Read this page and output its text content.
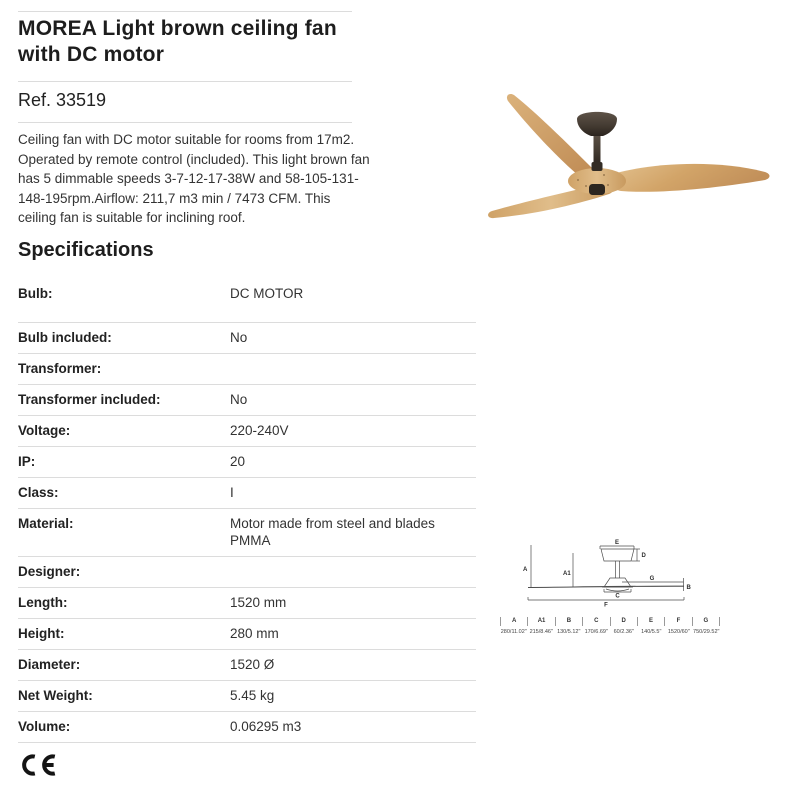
MOREA Light brown ceiling fan with DC motor
Ref. 33519

Ceiling fan with DC motor suitable for rooms from 17m2. Operated by remote control (included). This light brown fan has 5 dimmable speeds 3-7-12-17-38W and 58-105-131-148-195rpm.Airflow: 211,7 m3 min / 7473 CFM. This ceiling fan is suitable for inclining roof.

Specifications
Bulb:	DC MOTOR
Bulb included:	No
Transformer:
Transformer included:	No
Voltage:	220-240V
IP:	20
Class:	I
Material:	Motor made from steel and blades PMMA
Designer:
Length:	1520 mm
Height:	280 mm
Diameter:	1520 Ø
Net Weight:	5.45 kg
Volume:	0.06295 m3
A
A1
E
D
G
B
C
F
A	A1	B	C	D	E	F	G
280/11.02" 215/8.46" 130/5.12" 170/6.69"	60/2.36"	140/5.5"	1520/60" 750/29.52"
